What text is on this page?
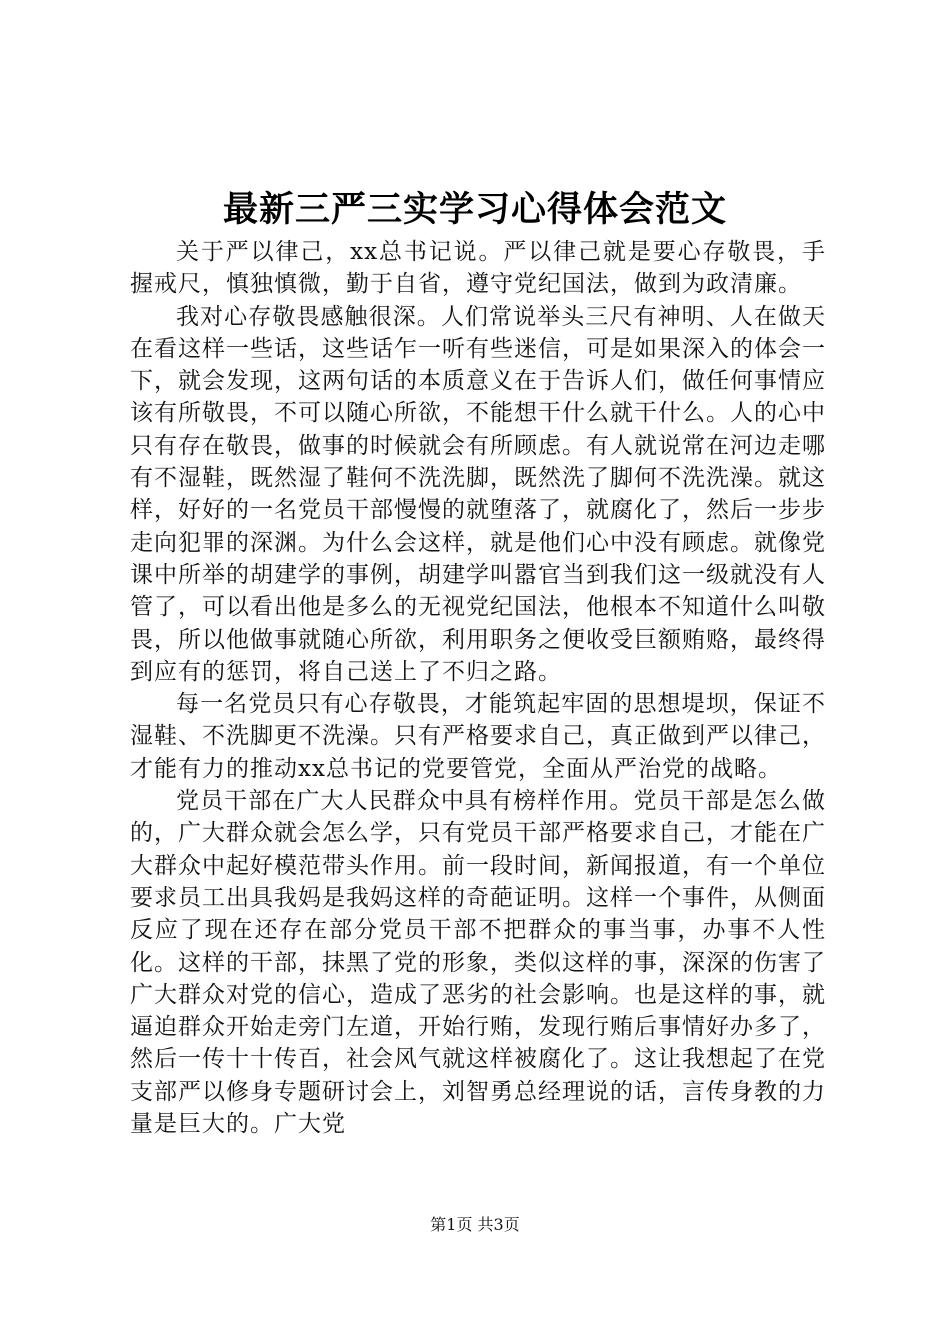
最新三严三实学习心得体会范文

关于严以律己，xx总书记说。严以律己就是要心存敬畏，手握戒尺，慎独慎微，勤于自省，遵守党纪国法，做到为政清廉。

我对心存敬畏感触很深。人们常说举头三尺有神明、人在做天在看这样一些话，这些话乍一听有些迷信，可是如果深入的体会一下，就会发现，这两句话的本质意义在于告诉人们，做任何事情应该有所敬畏，不可以随心所欲，不能想干什么就干什么。人的心中只有存在敬畏，做事的时候就会有所顾虑。有人就说常在河边走哪有不湿鞋，既然湿了鞋何不洗洗脚，既然洗了脚何不洗洗澡。就这样，好好的一名党员干部慢慢的就堕落了，就腐化了，然后一步步走向犯罪的深渊。为什么会这样，就是他们心中没有顾虑。就像党课中所举的胡建学的事例，胡建学叫嚣官当到我们这一级就没有人管了，可以看出他是多么的无视党纪国法，他根本不知道什么叫敬畏，所以他做事就随心所欲，利用职务之便收受巨额贿赂，最终得到应有的惩罚，将自己送上了不归之路。

每一名党员只有心存敬畏，才能筑起牢固的思想堤坝，保证不湿鞋、不洗脚更不洗澡。只有严格要求自己，真正做到严以律己，才能有力的推动xx总书记的党要管党，全面从严治党的战略。

党员干部在广大人民群众中具有榜样作用。党员干部是怎么做的，广大群众就会怎么学，只有党员干部严格要求自己，才能在广大群众中起好模范带头作用。前一段时间，新闻报道，有一个单位要求员工出具我妈是我妈这样的奇葩证明。这样一个事件，从侧面反应了现在还存在部分党员干部不把群众的事当事，办事不人性化。这样的干部，抹黑了党的形象，类似这样的事，深深的伤害了广大群众对党的信心，造成了恶劣的社会影响。也是这样的事，就逼迫群众开始走旁门左道，开始行贿，发现行贿后事情好办多了，然后一传十十传百，社会风气就这样被腐化了。这让我想起了在党支部严以修身专题研讨会上，刘智勇总经理说的话，言传身教的力量是巨大的。广大党

第1页 共3页
